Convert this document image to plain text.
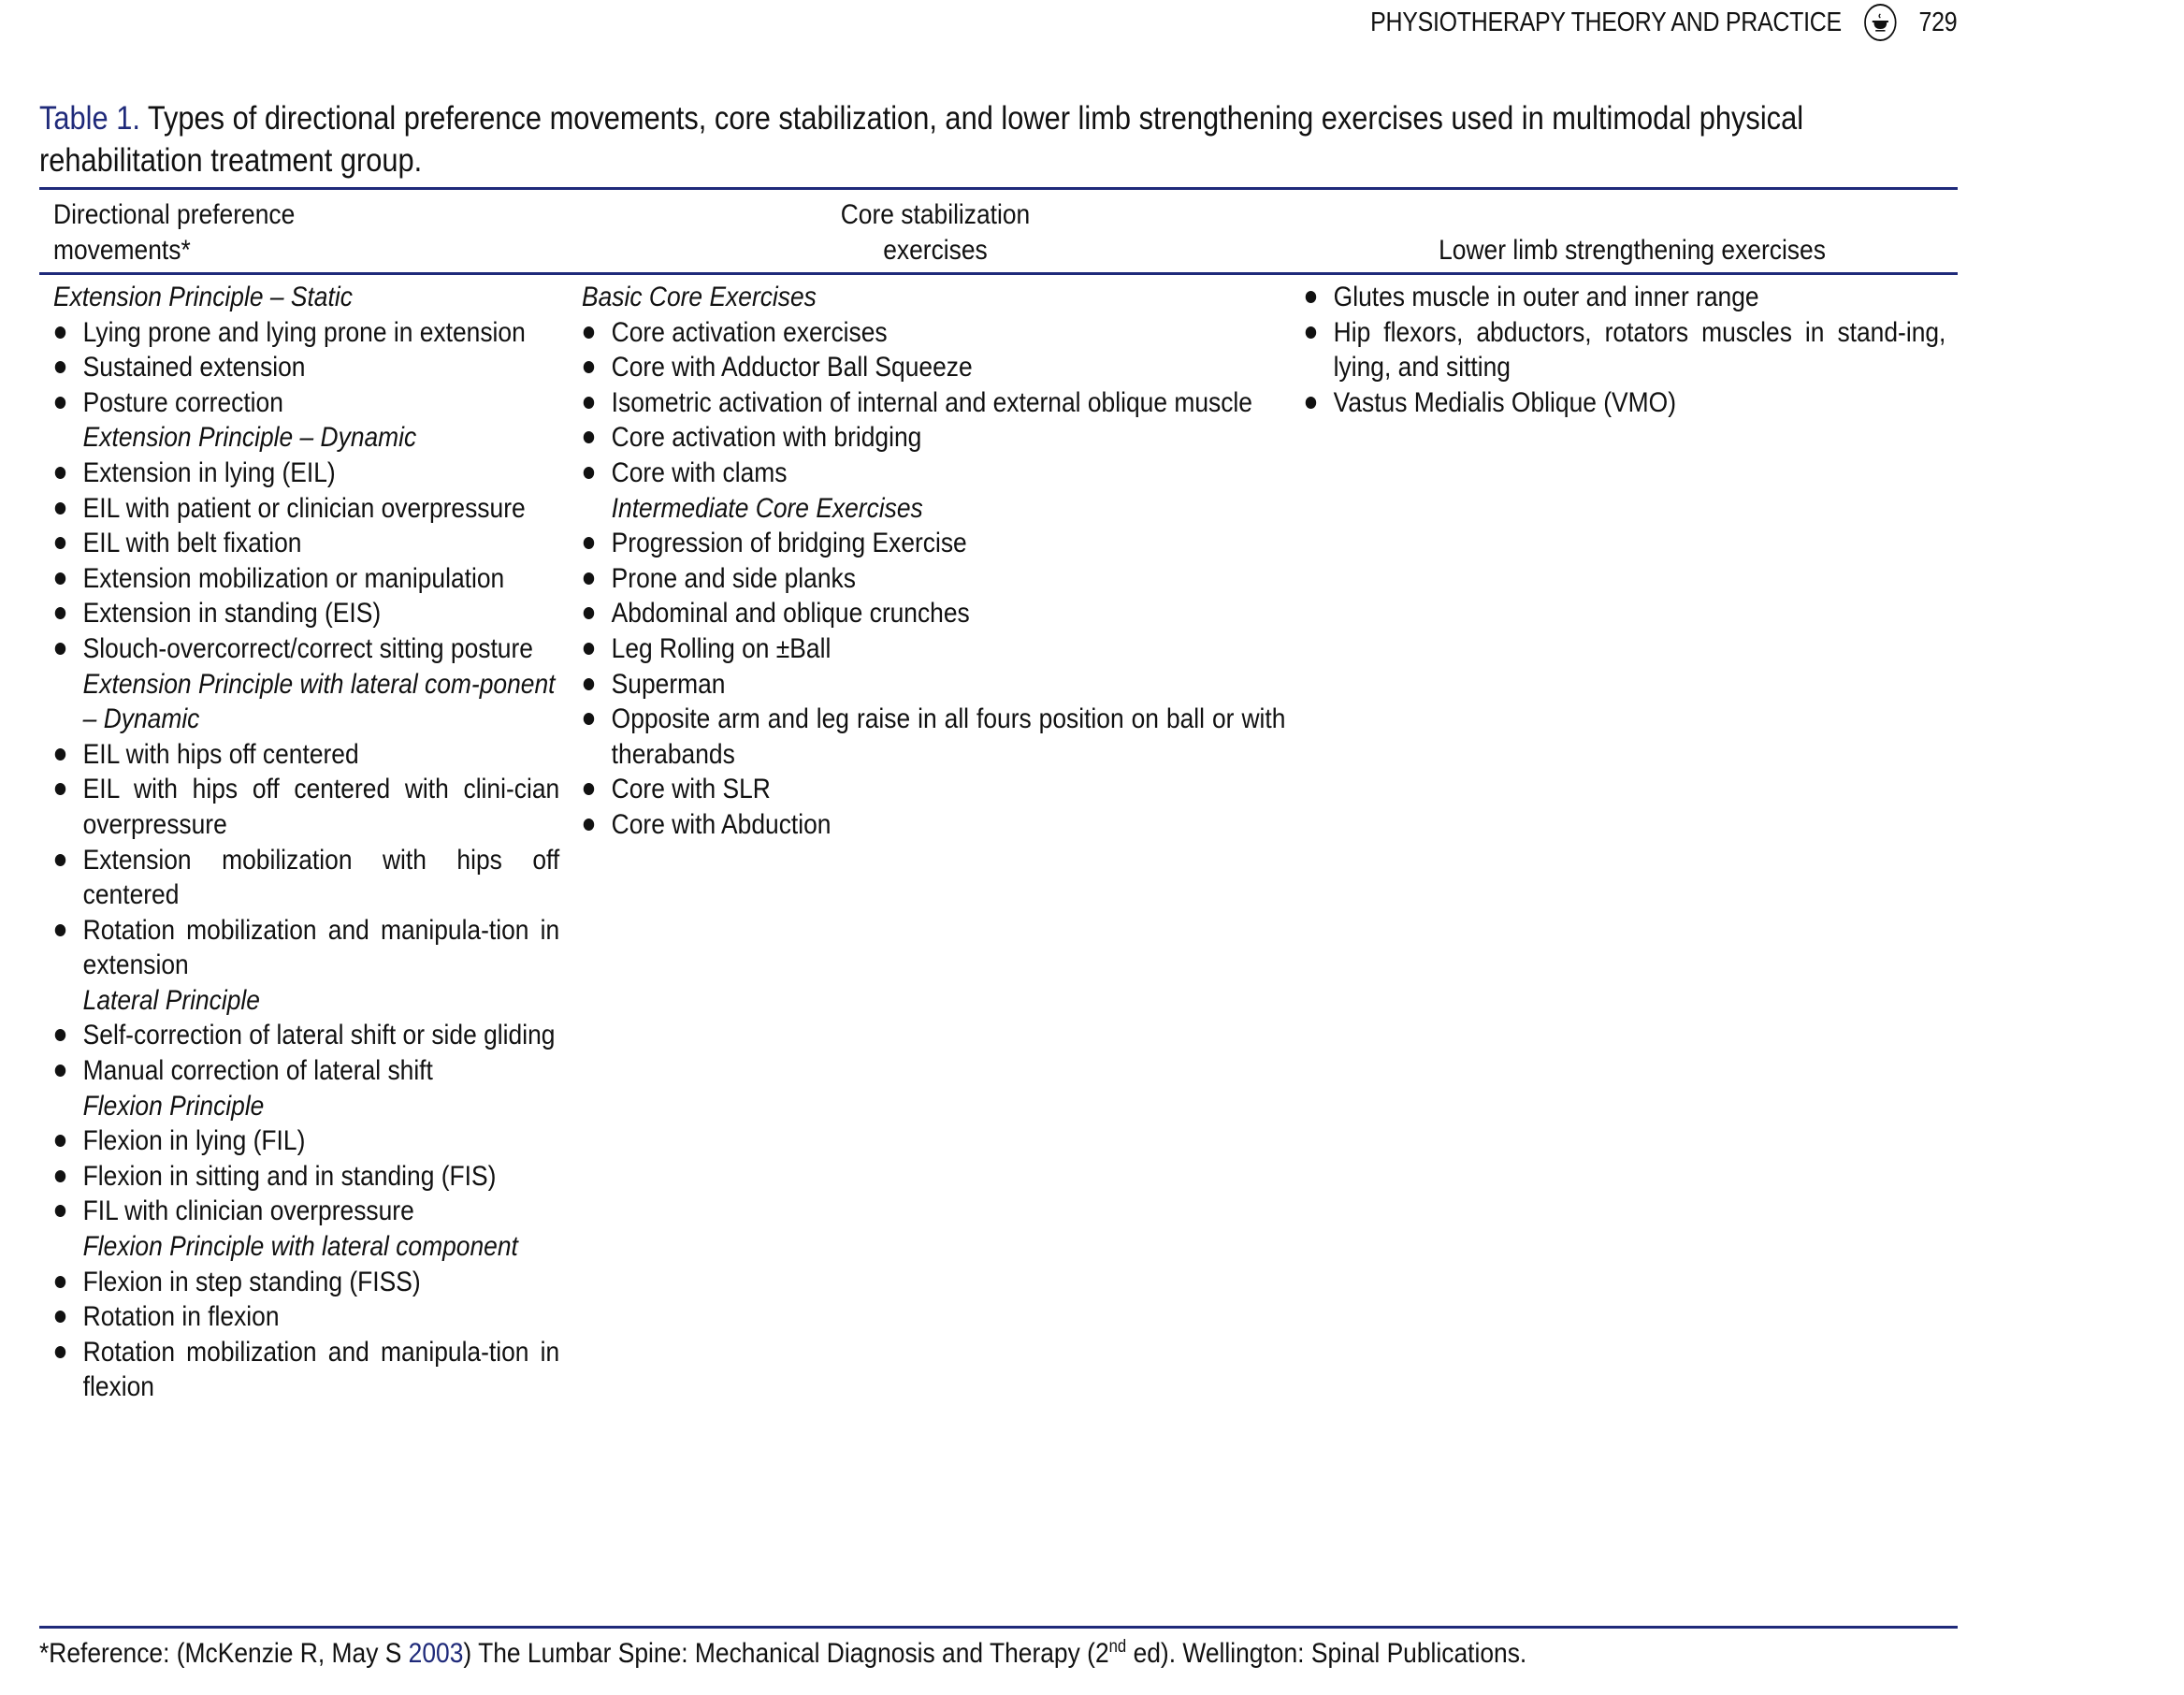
PHYSIOTHERAPY THEORY AND PRACTICE	729
Table 1. Types of directional preference movements, core stabilization, and lower limb strengthening exercises used in multimodal physical rehabilitation treatment group.
Directional preference movements*
Core stabilization exercises	Lower limb strengthening exercises
Extension Principle – Static
Lying prone and lying prone in extension
Sustained extension
Posture correction
Extension Principle – Dynamic
Extension in lying (EIL)
EIL with patient or clinician overpressure
EIL with belt fixation
Extension mobilization or manipulation
Extension in standing (EIS)
Slouch-overcorrect/correct sitting posture
Extension Principle with lateral com-ponent – Dynamic
EIL with hips off centered
EIL with hips off centered with clini-cian overpressure
Extension mobilization with hips off centered
Rotation mobilization and manipula-tion in extension
Lateral Principle
Self-correction of lateral shift or side gliding
Manual correction of lateral shift
Flexion Principle
Flexion in lying (FIL)
Flexion in sitting and in standing (FIS)
FIL with clinician overpressure
Flexion Principle with lateral component
Flexion in step standing (FISS)
Rotation in flexion
Rotation mobilization and manipula-tion in flexion
Basic Core Exercises
Core activation exercises
Core with Adductor Ball Squeeze
Isometric activation of internal and external oblique muscle
Core activation with bridging
Core with clams
Intermediate Core Exercises
Progression of bridging Exercise
Prone and side planks
Abdominal and oblique crunches
Leg Rolling on ±Ball
Superman
Opposite arm and leg raise in all fours position on ball or with therabands
Core with SLR
Core with Abduction
Glutes muscle in outer and inner range
Hip flexors, abductors, rotators muscles in stand-ing, lying, and sitting
Vastus Medialis Oblique (VMO)
*Reference: (McKenzie R, May S 2003) The Lumbar Spine: Mechanical Diagnosis and Therapy (2nd ed). Wellington: Spinal Publications.
